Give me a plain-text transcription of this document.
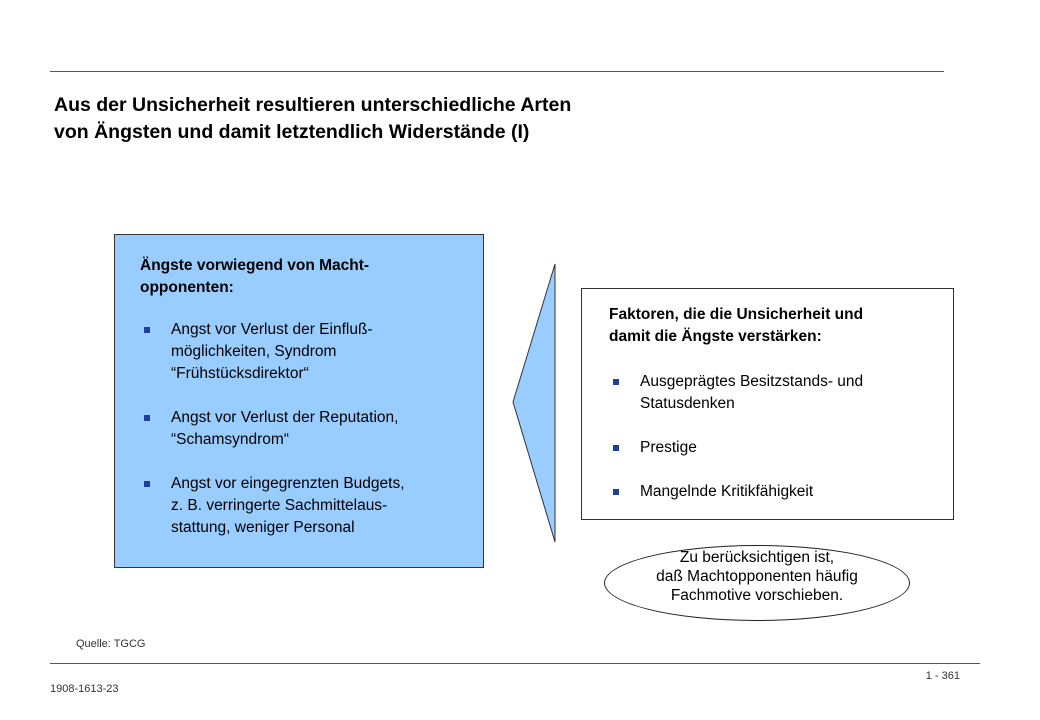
Aus der Unsicherheit resultieren unterschiedliche Arten
von Ängsten und damit letztendlich Widerstände (I)
Ängste vorwiegend von Macht-
opponenten:
Angst vor Verlust der Einfluß-
möglichkeiten, Syndrom
“Frühstücksdirektor“
Angst vor Verlust der Reputation,
“Schamsyndrom“
Angst vor eingegrenzten Budgets,
z. B. verringerte Sachmittelaus-
stattung, weniger Personal
Faktoren, die die Unsicherheit und
damit die Ängste verstärken:
Ausgeprägtes Besitzstands- und
Statusdenken
Prestige
Mangelnde Kritikfähigkeit
Zu berücksichtigen ist,
daß Machtopponenten häufig
Fachmotive vorschieben.
Quelle: TGCG
1908-1613-23
1 - 361
